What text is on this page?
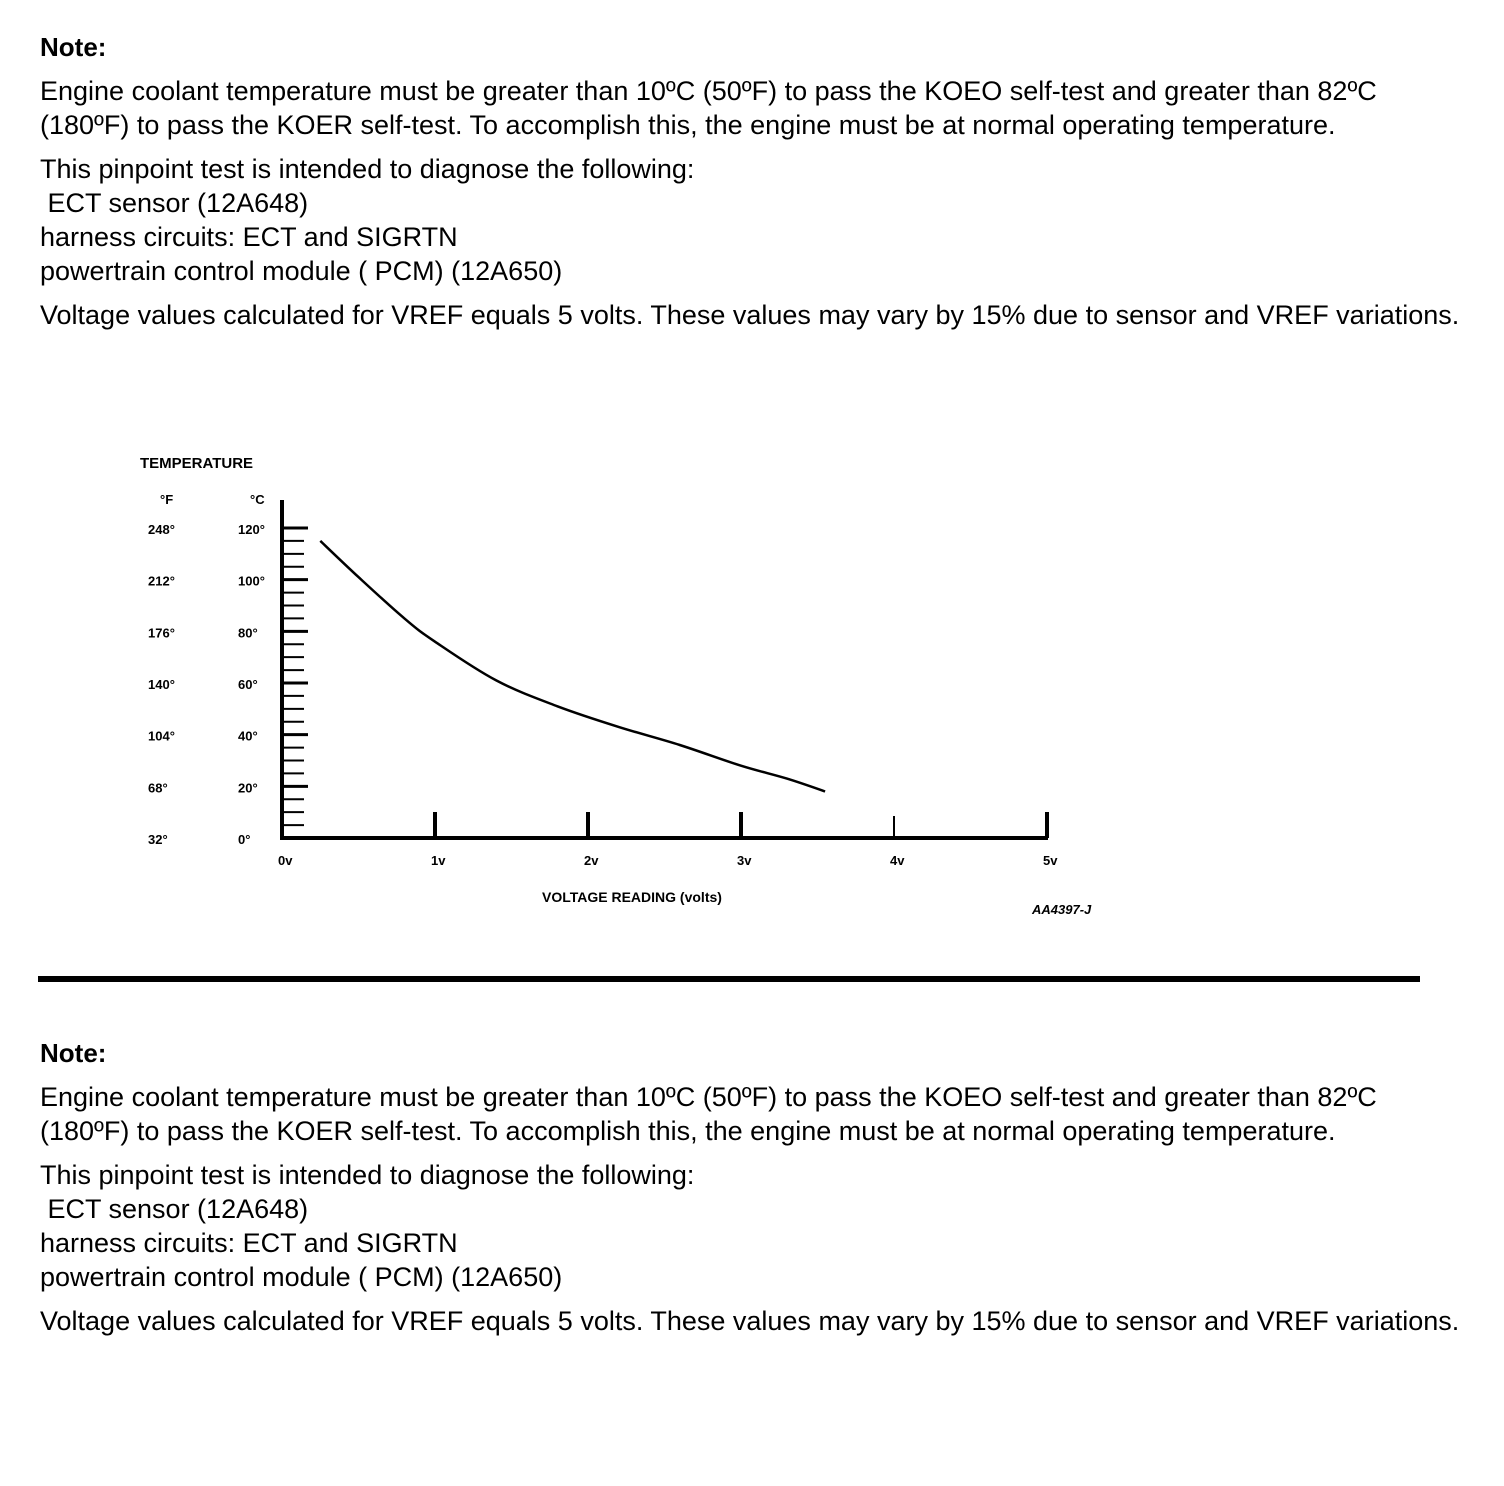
Note:
Engine coolant temperature must be greater than 10ºC (50ºF) to pass the KOEO self-test and greater than 82ºC (180ºF) to pass the KOER self-test. To accomplish this, the engine must be at normal operating temperature.
This pinpoint test is intended to diagnose the following:
ECT sensor (12A648)
harness circuits: ECT and SIGRTN
powertrain control module ( PCM) (12A650)
Voltage values calculated for VREF equals 5 volts. These values may vary by 15% due to sensor and VREF variations.
TEMPERATURE
°F	°C
0°
32°
20°
68°
40°
104°
60°
140°
80°
176°
100°
212°
120°
248°
0v	1v	2v	3v	4v	5v
VOLTAGE READING (volts)
AA4397-J
Note:
Engine coolant temperature must be greater than 10ºC (50ºF) to pass the KOEO self-test and greater than 82ºC (180ºF) to pass the KOER self-test. To accomplish this, the engine must be at normal operating temperature.
This pinpoint test is intended to diagnose the following:
ECT sensor (12A648)
harness circuits: ECT and SIGRTN
powertrain control module ( PCM) (12A650)
Voltage values calculated for VREF equals 5 volts. These values may vary by 15% due to sensor and VREF variations.
